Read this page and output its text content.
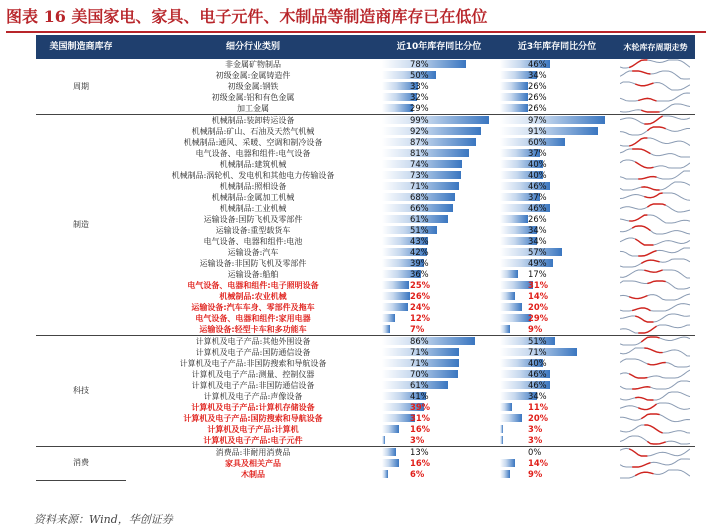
图表 16 美国家电、家具、电子元件、木制品等制造商库存已在低位
美国制造商库存	细分行业类别	近10年库存同比分位	近3年库存同比分位	木轮库存周期走势
周期	非金属矿物制品	78%	46%	

	初级金属:金属铸造件	50%	34%	

	初级金属:钢铁	33%	26%	

	初级金属:铝和有色金属	32%	26%	

	加工金属	29%	26%	

制造	机械制品:装卸转运设备	99%	97%	

	机械制品:矿山、石油及天然气机械	92%	91%	

	机械制品:通风、采暖、空调和制冷设备	87%	60%	

	电气设备、电器和组件:电气设备	81%	37%	

	机械制品:建筑机械	74%	40%	

	机械制品:涡轮机、发电机和其他电力传输设备	73%	40%	

	机械制品:照相设备	71%	46%	

	机械制品:金属加工机械	68%	37%	

	机械制品:工业机械	66%	46%	

	运输设备:国防飞机及零部件	61%	26%	

	运输设备:重型载货车	51%	34%	

	电气设备、电器和组件:电池	43%	34%	

	运输设备:汽车	42%	57%	

	运输设备:非国防飞机及零部件	39%	49%	

	运输设备:船舶	36%	17%	

	电气设备、电器和组件:电子照明设备	25%	31%	

	机械制品:农业机械	26%	14%	

	运输设备:汽车车身、零部件及拖车	24%	20%	

	电气设备、电器和组件:家用电器	12%	29%	

	运输设备:轻型卡车和多功能车	7%	9%	

科技	计算机及电子产品:其他外围设备	86%	51%	

	计算机及电子产品:国防通信设备	71%	71%	

	计算机及电子产品:非国防搜索和导航设备	71%	40%	

	计算机及电子产品:测量、控制仪器	70%	46%	

	计算机及电子产品:非国防通信设备	61%	46%	

	计算机及电子产品:声像设备	41%	34%	

	计算机及电子产品:计算机存储设备	39%	11%	

	计算机及电子产品:国防搜索和导航设备	31%	20%	

	计算机及电子产品:计算机	16%	3%	

	计算机及电子产品:电子元件	3%	3%	

消费	消费品:非耐用消费品	13%	0%	

	家具及相关产品	16%	14%	

	木制品	6%	9%	
资料来源：Wind，华创证券
